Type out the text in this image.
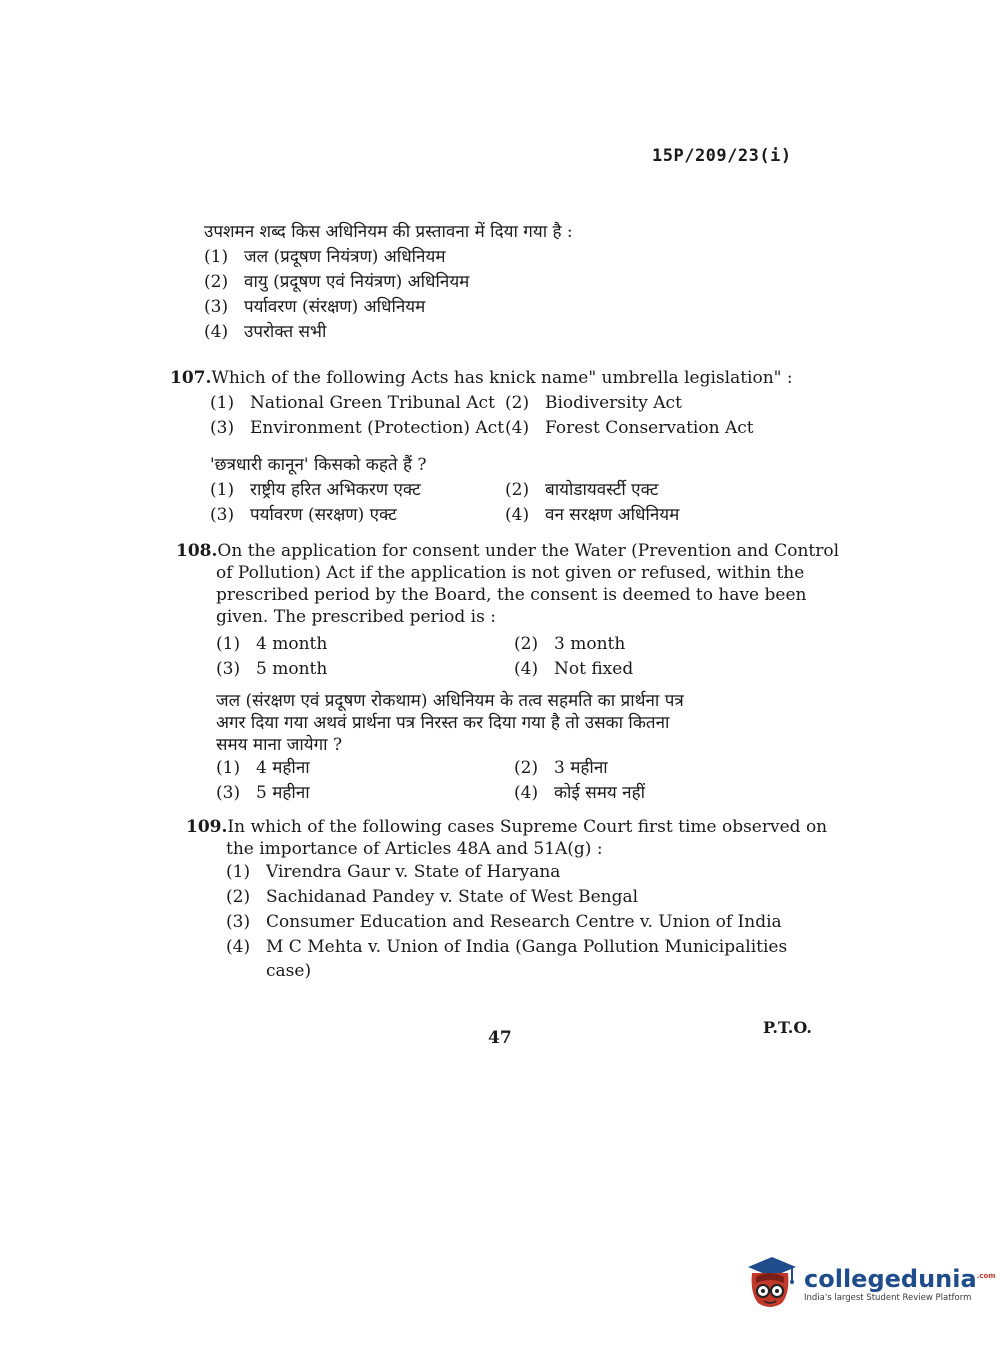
15P/209/23(i)
उपशमन शब्द किस अधिनियम की प्रस्तावना में दिया गया है :
(1) जल (प्रदूषण नियंत्रण) अधिनियम
(2) वायु (प्रदूषण एवं नियंत्रण) अधिनियम
(3) पर्यावरण (संरक्षण) अधिनियम
(4) उपरोक्त सभी
107.Which of the following Acts has knick name" umbrella legislation" :
(1) National Green Tribunal Act (2) Biodiversity Act
(3) Environment (Protection) Act (4) Forest Conservation Act
'छत्रधारी कानून' किसको कहते हैं ?
(1) राष्ट्रीय हरित अभिकरण एक्ट	(2) बायोडायवर्स्टी एक्ट
(3) पर्यावरण (सरक्षण) एक्ट	(4) वन सरक्षण अधिनियम
108.On the application for consent under the Water (Prevention and Control
of Pollution) Act if the application is not given or refused, within the
prescribed period by the Board, the consent is deemed to have been
given. The prescribed period is :
(1) 4 month	(2) 3 month
(3) 5 month	(4) Not fixed
जल (संरक्षण एवं प्रदूषण रोकथाम) अधिनियम के तत्व सहमति का प्रार्थना पत्र
अगर दिया गया अथवं प्रार्थना पत्र निरस्त कर दिया गया है तो उसका कितना
समय माना जायेगा ?
(1) 4 महीना	(2) 3 महीना
(3) 5 महीना	(4) कोई समय नहीं
109.In which of the following cases Supreme Court first time observed on
the importance of Articles 48A and 51A(g) :
(1) Virendra Gaur v. State of Haryana
(2) Sachidanad Pandey v. State of West Bengal
(3) Consumer Education and Research Centre v. Union of India
(4) M C Mehta v. Union of India (Ganga Pollution Municipalities
case)
47
P.T.O.
collegedunia$^{.com}$
India's largest Student Review Platform
